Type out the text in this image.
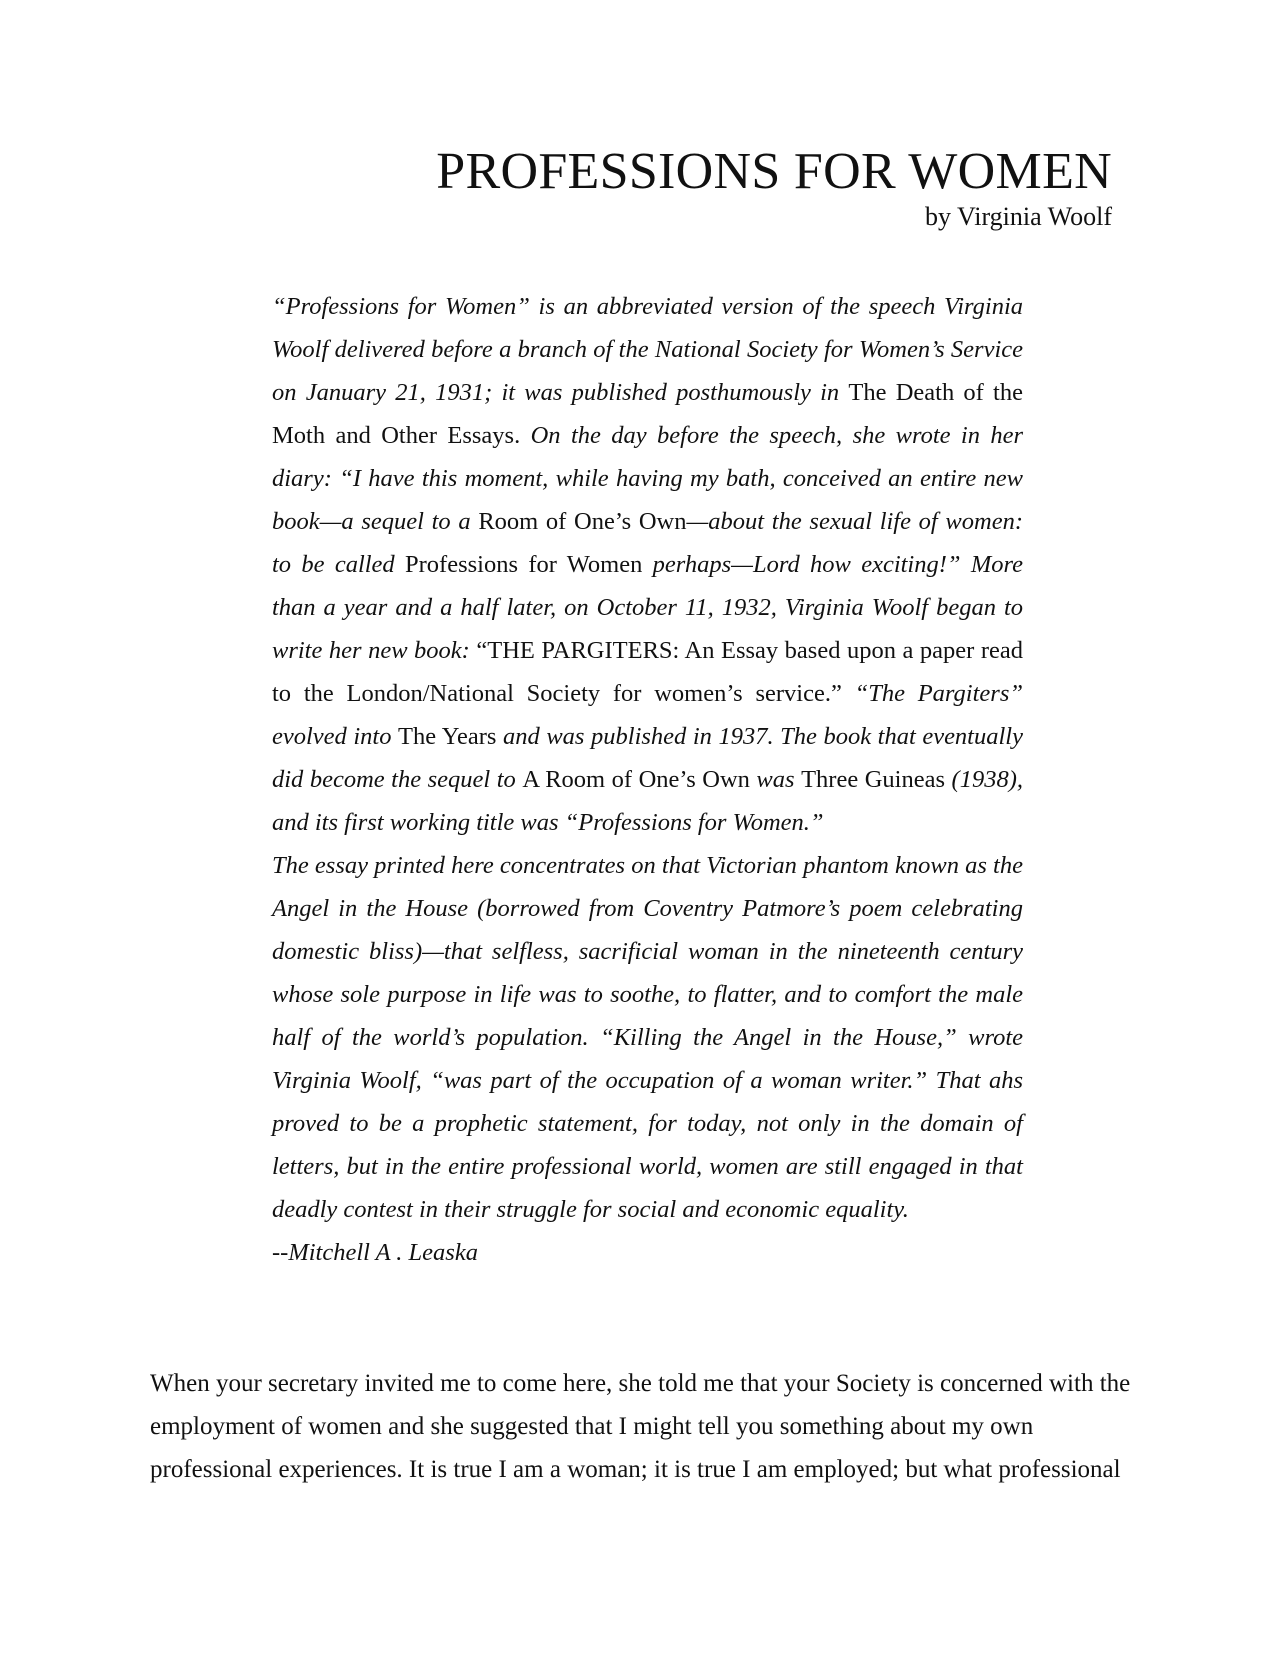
PROFESSIONS FOR WOMEN

by Virginia Woolf

“Professions for Women” is an abbreviated version of the speech Virginia Woolf delivered before a branch of the National Society for Women’s Service on January 21, 1931; it was published posthumously in The Death of the Moth and Other Essays. On the day before the speech, she wrote in her diary: “I have this moment, while having my bath, conceived an entire new book—a sequel to a Room of One’s Own—about the sexual life of women: to be called Professions for Women perhaps—Lord how exciting!” More than a year and a half later, on October 11, 1932, Virginia Woolf began to write her new book: “THE PARGITERS: An Essay based upon a paper read to the London/National Society for women’s service.” “The Pargiters” evolved into The Years and was published in 1937. The book that eventually did become the sequel to A Room of One’s Own was Three Guineas (1938), and its first working title was “Professions for Women.”

The essay printed here concentrates on that Victorian phantom known as the Angel in the House (borrowed from Coventry Patmore’s poem celebrating domestic bliss)—that selfless, sacrificial woman in the nineteenth century whose sole purpose in life was to soothe, to flatter, and to comfort the male half of the world’s population. “Killing the Angel in the House,” wrote Virginia Woolf, “was part of the occupation of a woman writer.” That ahs proved to be a prophetic statement, for today, not only in the domain of letters, but in the entire professional world, women are still engaged in that deadly contest in their struggle for social and economic equality.

--Mitchell A . Leaska

When your secretary invited me to come here, she told me that your Society is concerned with the employment of women and she suggested that I might tell you something about my own professional experiences. It is true I am a woman; it is true I am employed; but what professional
